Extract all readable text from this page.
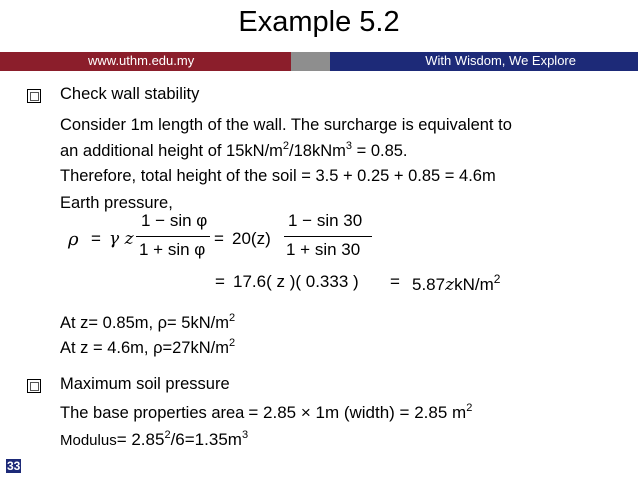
Example 5.2
www.uthm.edu.my	With Wisdom, We Explore
Check wall stability
Consider 1m length of the wall. The surcharge is equivalent to
an additional height of $15kN/m^2/18kNm^3 = 0.85$.
Therefore, total height of the soil = 3.5 + 0.25 + 0.85 = 4.6m
Earth pressure,
ρ = γ z
1 − sin φ
1 + sin φ
= 20(z)
1 − sin 30
1 + sin 30
= 17.6( z )( 0.333 ) = $5.87zkN/m^2$
At z= 0.85m, $\rho= 5kN/m^2$
At z = 4.6m, $\rho=27kN/m^2$
Maximum soil pressure
The base properties area = 2.85 × 1m (width) = 2.85 $m^2$
Modulus= $2.85^2/6=1.35m^3$
33
